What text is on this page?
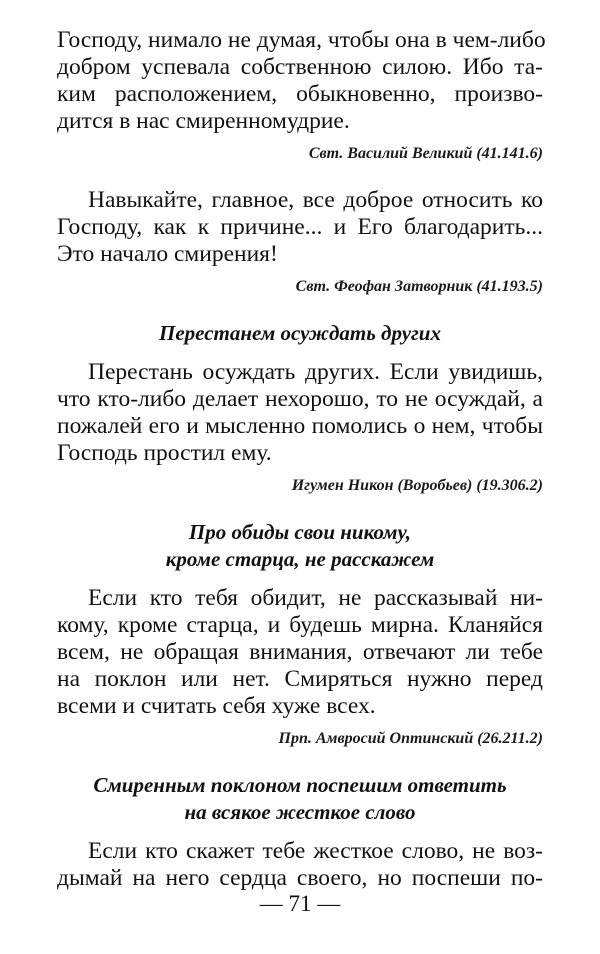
Господу, нимало не думая, чтобы она в чем-либо
добром успевала собственною силою. Ибо та-
ким расположением, обыкновенно, произво-
дится в нас смиренномудрие.
Свт. Василий Великий (41.141.6)
Навыкайте, главное, все доброе относить ко
Господу, как к причине... и Его благодарить...
Это начало смирения!
Свт. Феофан Затворник (41.193.5)
Перестанем осуждать других
Перестань осуждать других. Если увидишь,
что кто-либо делает нехорошо, то не осуждай, а
пожалей его и мысленно помолись о нем, чтобы
Господь простил ему.
Игумен Никон (Воробьев) (19.306.2)
Про обиды свои никому,
кроме старца, не расскажем
Если кто тебя обидит, не рассказывай ни-
кому, кроме старца, и будешь мирна. Кланяйся
всем, не обращая внимания, отвечают ли тебе
на поклон или нет. Смиряться нужно перед
всеми и считать себя хуже всех.
Прп. Амвросий Оптинский (26.211.2)
Смиренным поклоном поспешим ответить
на всякое жесткое слово
Если кто скажет тебе жесткое слово, не воз-
дымай на него сердца своего, но поспеши по-
— 71 —
